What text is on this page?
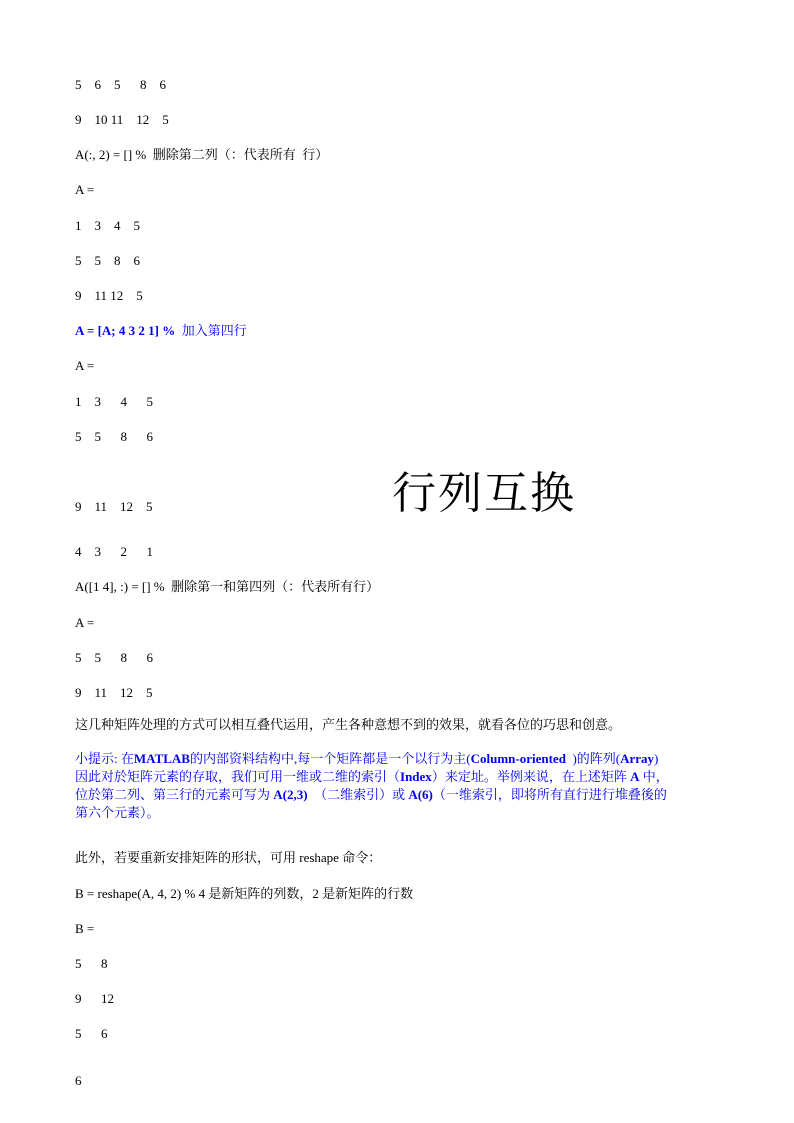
5    6    5      8    6
9    10 11    12    5
A(:, 2) = [] %  删除第二列（：代表所有  行）
A =
1    3    4    5
5    5    8    6
9    11 12    5
A = [A; 4 3 2 1] %  加入第四行
A =
1    3      4      5
5    5      8      6
9    11    12    5	行列互换
4    3      2      1
A([1 4], :) = [] %  删除第一和第四列（：代表所有行）
A =
5    5      8      6
9    11    12    5
这几种矩阵处理的方式可以相互叠代运用，产生各种意想不到的效果，就看各位的巧思和创意。
小提示: 在MATLAB的内部资料结构中,每一个矩阵都是一个以行为主(Column-oriented  )的阵列(Array)
因此对於矩阵元素的存取，我们可用一维或二维的索引（Index）来定址。举例来说，在上述矩阵 A 中，
位於第二列、第三行的元素可写为 A(2,3)  （二维索引）或 A(6)（一维索引，即将所有直行进行堆叠後的
第六个元素）。
此外，若要重新安排矩阵的形状，可用 reshape 命令：
B = reshape(A, 4, 2) % 4 是新矩阵的列数，2 是新矩阵的行数
B =
5      8
9      12
5      6
6
